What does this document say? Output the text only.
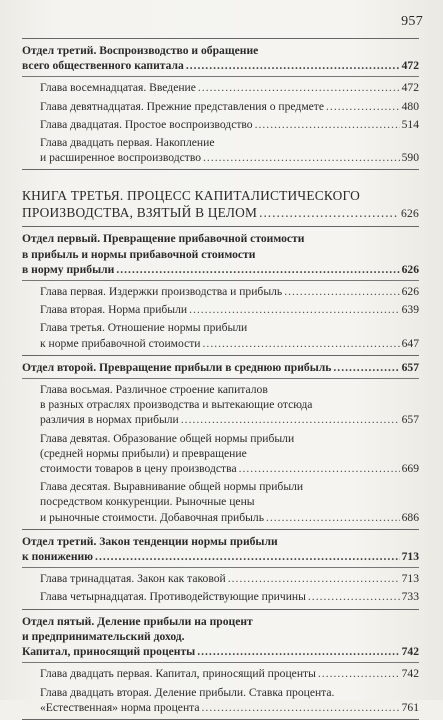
957
Отдел третий. Воспроизводство и обращение
всего общественного капитала .....	472
Глава восемнадцатая. Введение .....	472
Глава девятнадцатая. Прежние представления о предмете .....	480
Глава двадцатая. Простое воспроизводство .....	514
Глава двадцать первая. Накопление
и расширенное воспроизводство .....	590
КНИГА ТРЕТЬЯ. ПРОЦЕСС КАПИТАЛИСТИЧЕСКОГО
ПРОИЗВОДСТВА, ВЗЯТЫЙ В ЦЕЛОМ .....	626
Отдел первый. Превращение прибавочной стоимости
в прибыль и нормы прибавочной стоимости
в норму прибыли .....	626
Глава первая. Издержки производства и прибыль .....	626
Глава вторая. Норма прибыли .....	639
Глава третья. Отношение нормы прибыли
к норме прибавочной стоимости .....	647
Отдел второй. Превращение прибыли в среднюю прибыль .....	657
Глава восьмая. Различное строение капиталов
в разных отраслях производства и вытекающие отсюда
различия в нормах прибыли .....	657
Глава девятая. Образование общей нормы прибыли
(средней нормы прибыли) и превращение
стоимости товаров в цену производства .....	669
Глава десятая. Выравнивание общей нормы прибыли
посредством конкуренции. Рыночные цены
и рыночные стоимости. Добавочная прибыль .....	686
Отдел третий. Закон тенденции нормы прибыли
к понижению .....	713
Глава тринадцатая. Закон как таковой .....	713
Глава четырнадцатая. Противодействующие причины .....	733
Отдел пятый. Деление прибыли на процент
и предпринимательский доход.
Капитал, приносящий проценты .....	742
Глава двадцать первая. Капитал, приносящий проценты .....	742
Глава двадцать вторая. Деление прибыли. Ставка процента.
«Естественная» норма процента .....	761
